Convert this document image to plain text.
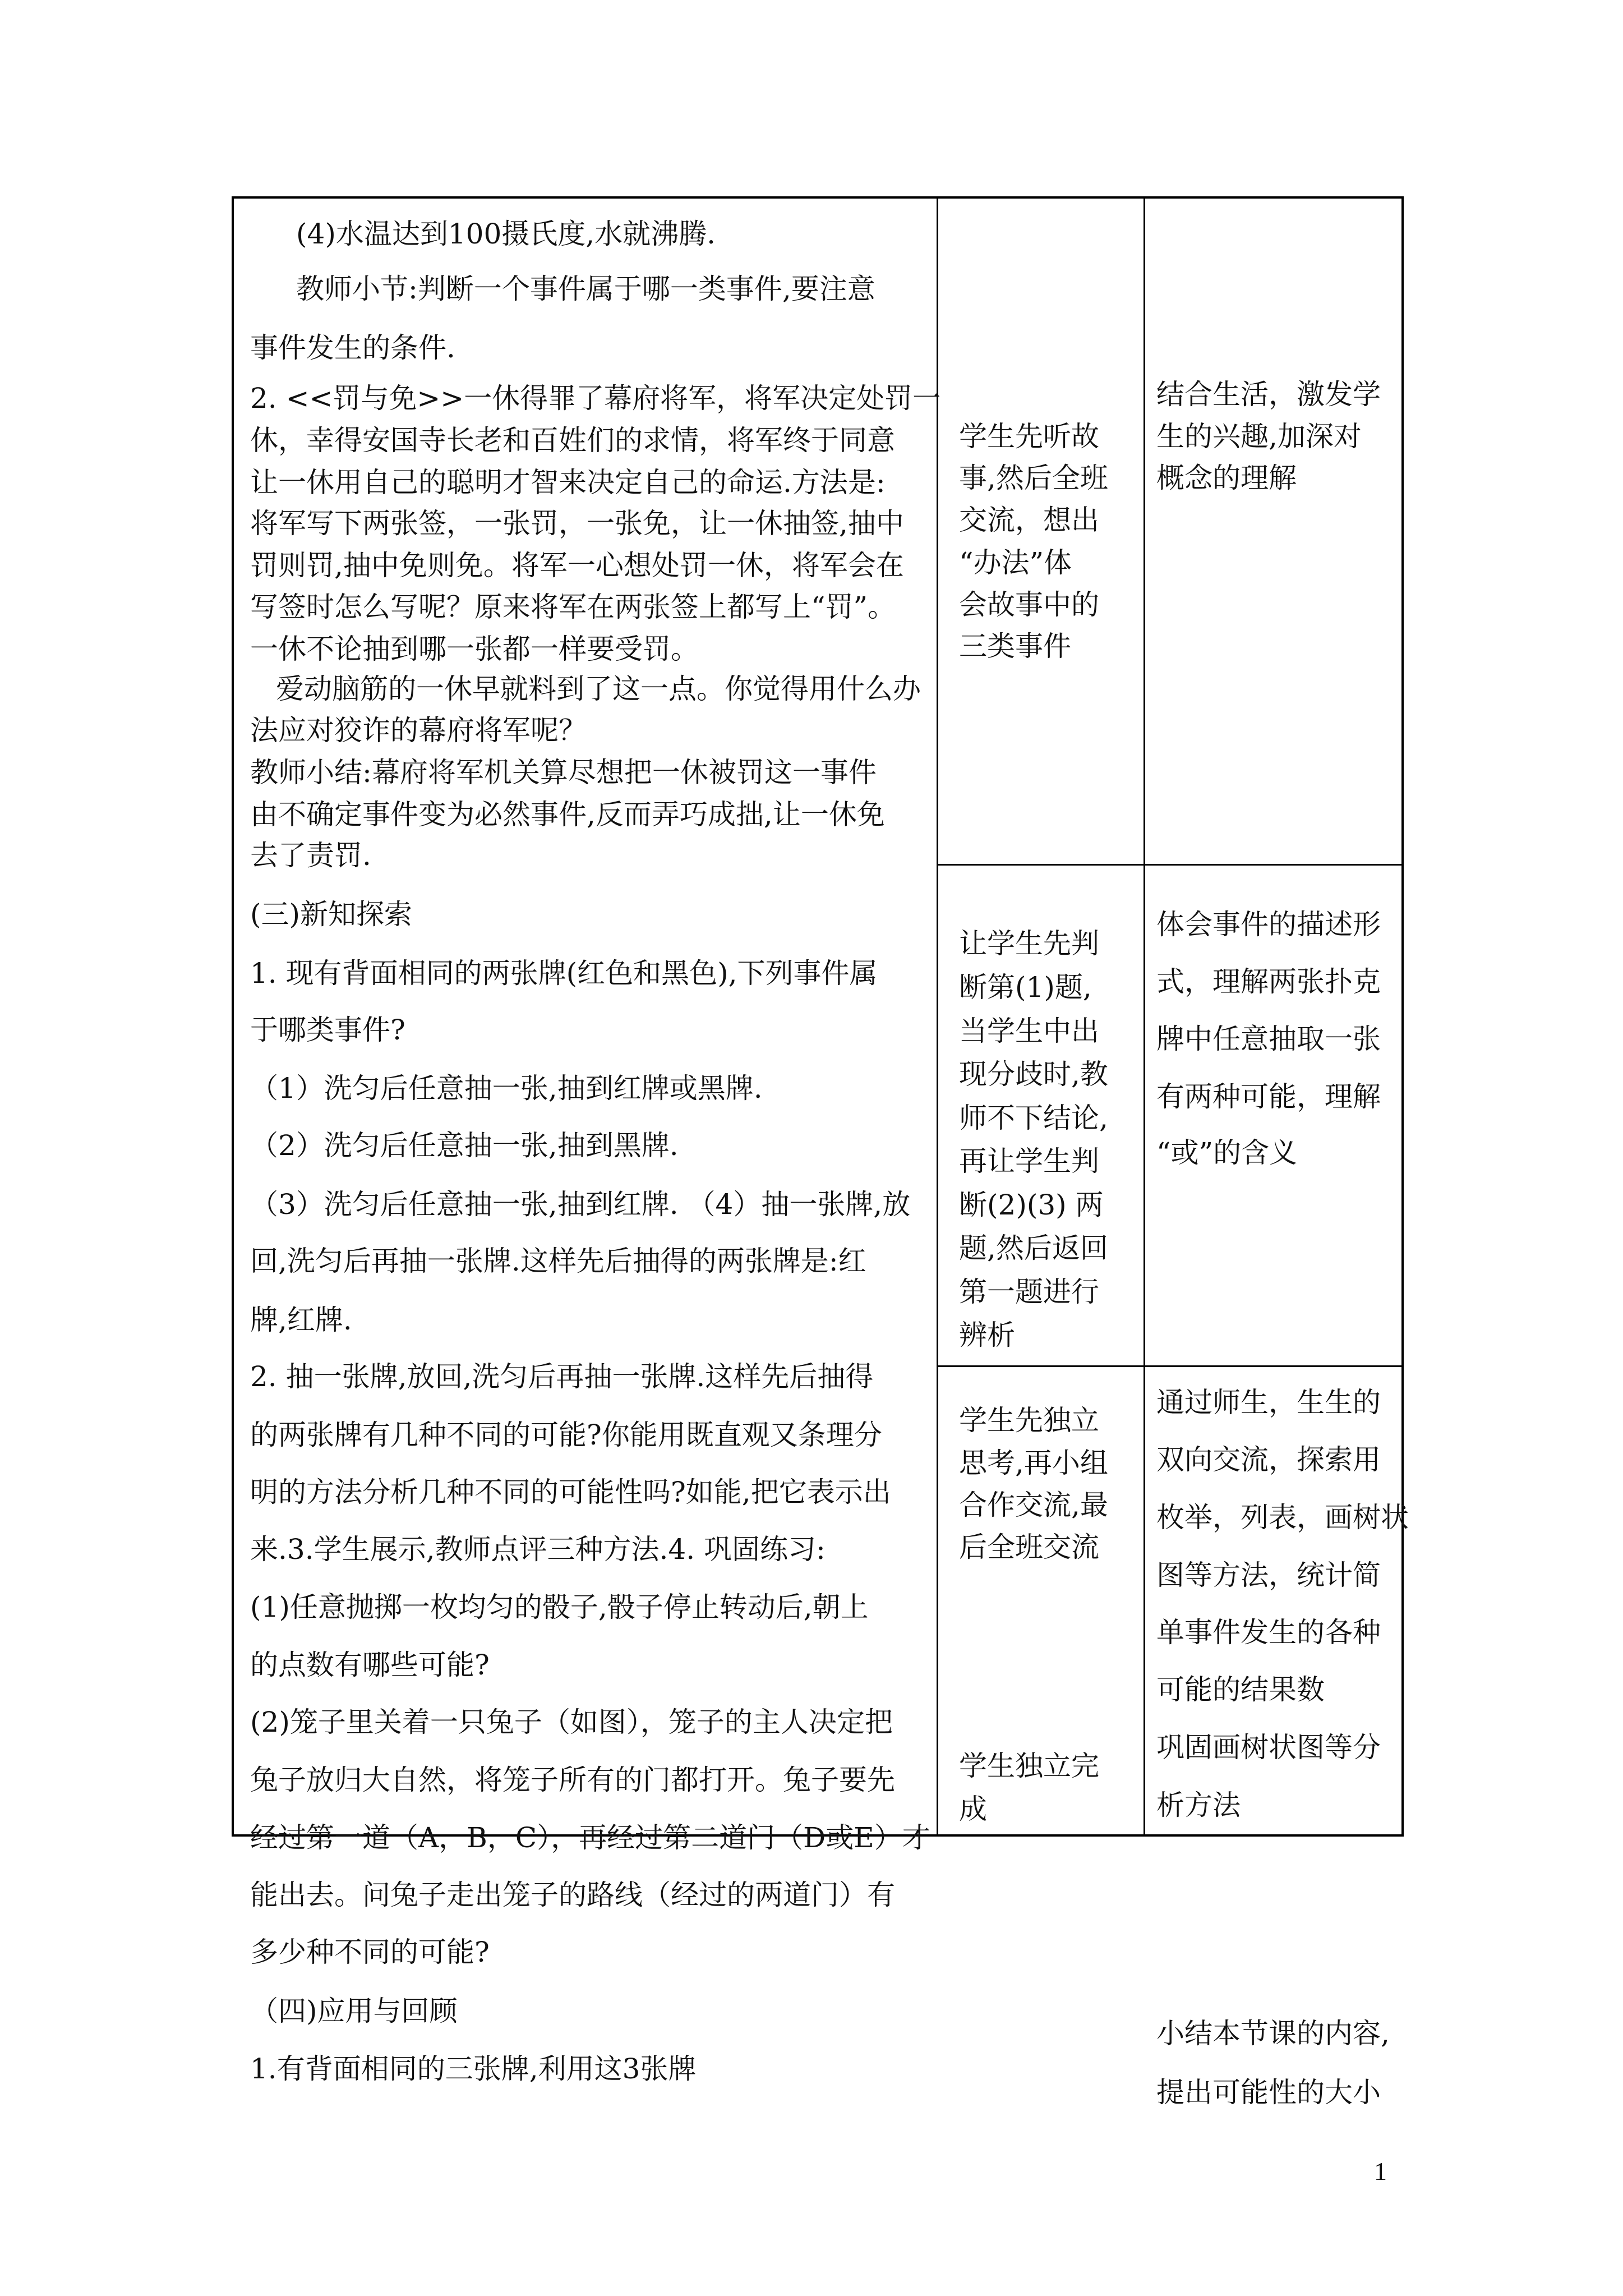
(4)水温达到100摄氏度,水就沸腾.
教师小节:判断一个事件属于哪一类事件,要注意
事件发生的条件.
2. <<罚与免>>一休得罪了幕府将军，将军决定处罚一
休，幸得安国寺长老和百姓们的求情，将军终于同意
让一休用自己的聪明才智来决定自己的命运.方法是:
将军写下两张签，一张罚，一张免，让一休抽签,抽中
罚则罚,抽中免则免。将军一心想处罚一休，将军会在
写签时怎么写呢？原来将军在两张签上都写上“罚”。
一休不论抽到哪一张都一样要受罚。
爱动脑筋的一休早就料到了这一点。你觉得用什么办
法应对狡诈的幕府将军呢？
教师小结:幕府将军机关算尽想把一休被罚这一事件
由不确定事件变为必然事件,反而弄巧成拙,让一休免
去了责罚.
(三)新知探索
1. 现有背面相同的两张牌(红色和黑色),下列事件属
于哪类事件?
（1）洗匀后任意抽一张,抽到红牌或黑牌.
（2）洗匀后任意抽一张,抽到黑牌.
（3）洗匀后任意抽一张,抽到红牌. （4）抽一张牌,放
回,洗匀后再抽一张牌.这样先后抽得的两张牌是:红
牌,红牌.
2. 抽一张牌,放回,洗匀后再抽一张牌.这样先后抽得
的两张牌有几种不同的可能?你能用既直观又条理分
明的方法分析几种不同的可能性吗?如能,把它表示出
来.3.学生展示,教师点评三种方法.4. 巩固练习:
(1)任意抛掷一枚均匀的骰子,骰子停止转动后,朝上
的点数有哪些可能?
(2)笼子里关着一只兔子（如图），笼子的主人决定把
兔子放归大自然，将笼子所有的门都打开。兔子要先
经过第一道（A，B，C），再经过第二道门（D或E）才
能出去。问兔子走出笼子的路线（经过的两道门）有
多少种不同的可能?
（四)应用与回顾
1.有背面相同的三张牌,利用这3张牌
学生先听故
事,然后全班
交流，想出
“办法”体
会故事中的
三类事件
让学生先判
断第(1)题,
当学生中出
现分歧时,教
师不下结论,
再让学生判
断(2)(3) 两
题,然后返回
第一题进行
辨析
学生先独立
思考,再小组
合作交流,最
后全班交流
学生独立完
成
结合生活，激发学
生的兴趣,加深对
概念的理解
体会事件的描述形
式，理解两张扑克
牌中任意抽取一张
有两种可能，理解
“或”的含义
通过师生，生生的
双向交流，探索用
枚举，列表，画树状
图等方法，统计简
单事件发生的各种
可能的结果数
巩固画树状图等分
析方法
小结本节课的内容,
提出可能性的大小
1
